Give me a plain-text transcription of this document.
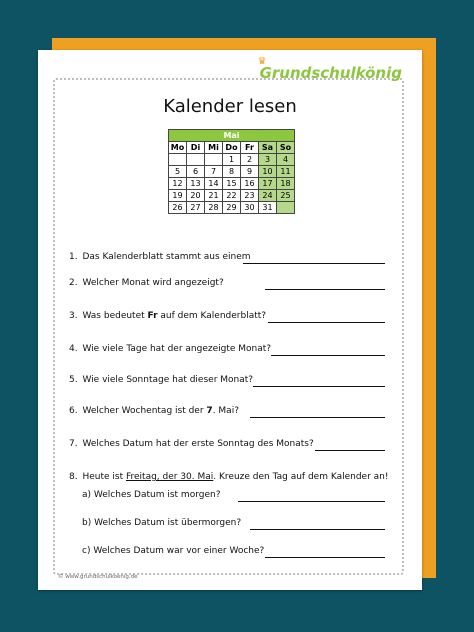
♛
Grundschulkönig
Kalender lesen
Mai						
Mo	Di	Mi	Do	Fr	Sa	So
			1	2	3	4
5	6	7	8	9	10	11
12	13	14	15	16	17	18
19	20	21	22	23	24	25
26	27	28	29	30	31	
1. Das Kalenderblatt stammt aus einem
2. Welcher Monat wird angezeigt?
3. Was bedeutet Fr auf dem Kalenderblatt?
4. Wie viele Tage hat der angezeigte Monat?
5. Wie viele Sonntage hat dieser Monat?
6. Welcher Wochentag ist der 7. Mai?
7. Welches Datum hat der erste Sonntag des Monats?
8. Heute ist Freitag, der 30. Mai. Kreuze den Tag auf dem Kalender an!
a) Welches Datum ist morgen?
b) Welches Datum ist übermorgen?
c) Welches Datum war vor einer Woche?
© www.grundschulkoenig.de
